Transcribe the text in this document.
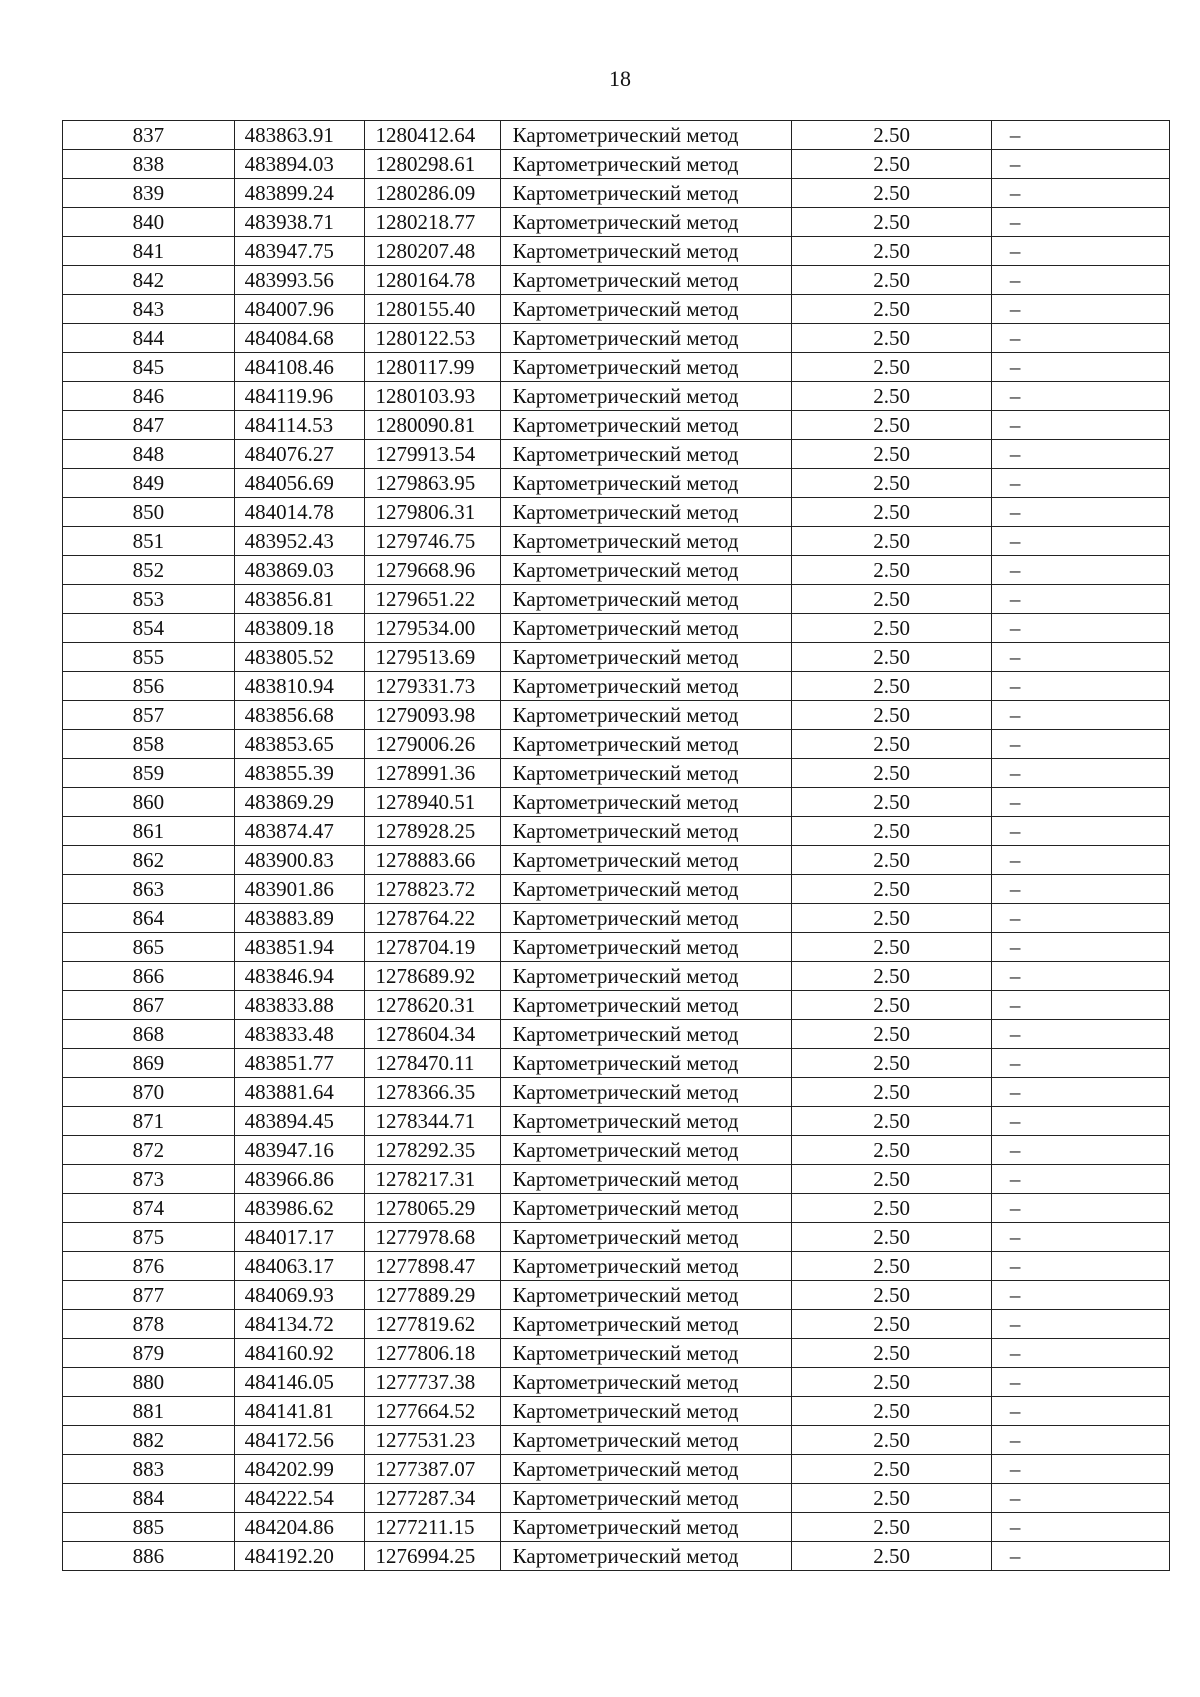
18
837	483863.91	1280412.64	Картометрический метод	2.50	–
838	483894.03	1280298.61	Картометрический метод	2.50	–
839	483899.24	1280286.09	Картометрический метод	2.50	–
840	483938.71	1280218.77	Картометрический метод	2.50	–
841	483947.75	1280207.48	Картометрический метод	2.50	–
842	483993.56	1280164.78	Картометрический метод	2.50	–
843	484007.96	1280155.40	Картометрический метод	2.50	–
844	484084.68	1280122.53	Картометрический метод	2.50	–
845	484108.46	1280117.99	Картометрический метод	2.50	–
846	484119.96	1280103.93	Картометрический метод	2.50	–
847	484114.53	1280090.81	Картометрический метод	2.50	–
848	484076.27	1279913.54	Картометрический метод	2.50	–
849	484056.69	1279863.95	Картометрический метод	2.50	–
850	484014.78	1279806.31	Картометрический метод	2.50	–
851	483952.43	1279746.75	Картометрический метод	2.50	–
852	483869.03	1279668.96	Картометрический метод	2.50	–
853	483856.81	1279651.22	Картометрический метод	2.50	–
854	483809.18	1279534.00	Картометрический метод	2.50	–
855	483805.52	1279513.69	Картометрический метод	2.50	–
856	483810.94	1279331.73	Картометрический метод	2.50	–
857	483856.68	1279093.98	Картометрический метод	2.50	–
858	483853.65	1279006.26	Картометрический метод	2.50	–
859	483855.39	1278991.36	Картометрический метод	2.50	–
860	483869.29	1278940.51	Картометрический метод	2.50	–
861	483874.47	1278928.25	Картометрический метод	2.50	–
862	483900.83	1278883.66	Картометрический метод	2.50	–
863	483901.86	1278823.72	Картометрический метод	2.50	–
864	483883.89	1278764.22	Картометрический метод	2.50	–
865	483851.94	1278704.19	Картометрический метод	2.50	–
866	483846.94	1278689.92	Картометрический метод	2.50	–
867	483833.88	1278620.31	Картометрический метод	2.50	–
868	483833.48	1278604.34	Картометрический метод	2.50	–
869	483851.77	1278470.11	Картометрический метод	2.50	–
870	483881.64	1278366.35	Картометрический метод	2.50	–
871	483894.45	1278344.71	Картометрический метод	2.50	–
872	483947.16	1278292.35	Картометрический метод	2.50	–
873	483966.86	1278217.31	Картометрический метод	2.50	–
874	483986.62	1278065.29	Картометрический метод	2.50	–
875	484017.17	1277978.68	Картометрический метод	2.50	–
876	484063.17	1277898.47	Картометрический метод	2.50	–
877	484069.93	1277889.29	Картометрический метод	2.50	–
878	484134.72	1277819.62	Картометрический метод	2.50	–
879	484160.92	1277806.18	Картометрический метод	2.50	–
880	484146.05	1277737.38	Картометрический метод	2.50	–
881	484141.81	1277664.52	Картометрический метод	2.50	–
882	484172.56	1277531.23	Картометрический метод	2.50	–
883	484202.99	1277387.07	Картометрический метод	2.50	–
884	484222.54	1277287.34	Картометрический метод	2.50	–
885	484204.86	1277211.15	Картометрический метод	2.50	–
886	484192.20	1276994.25	Картометрический метод	2.50	–
